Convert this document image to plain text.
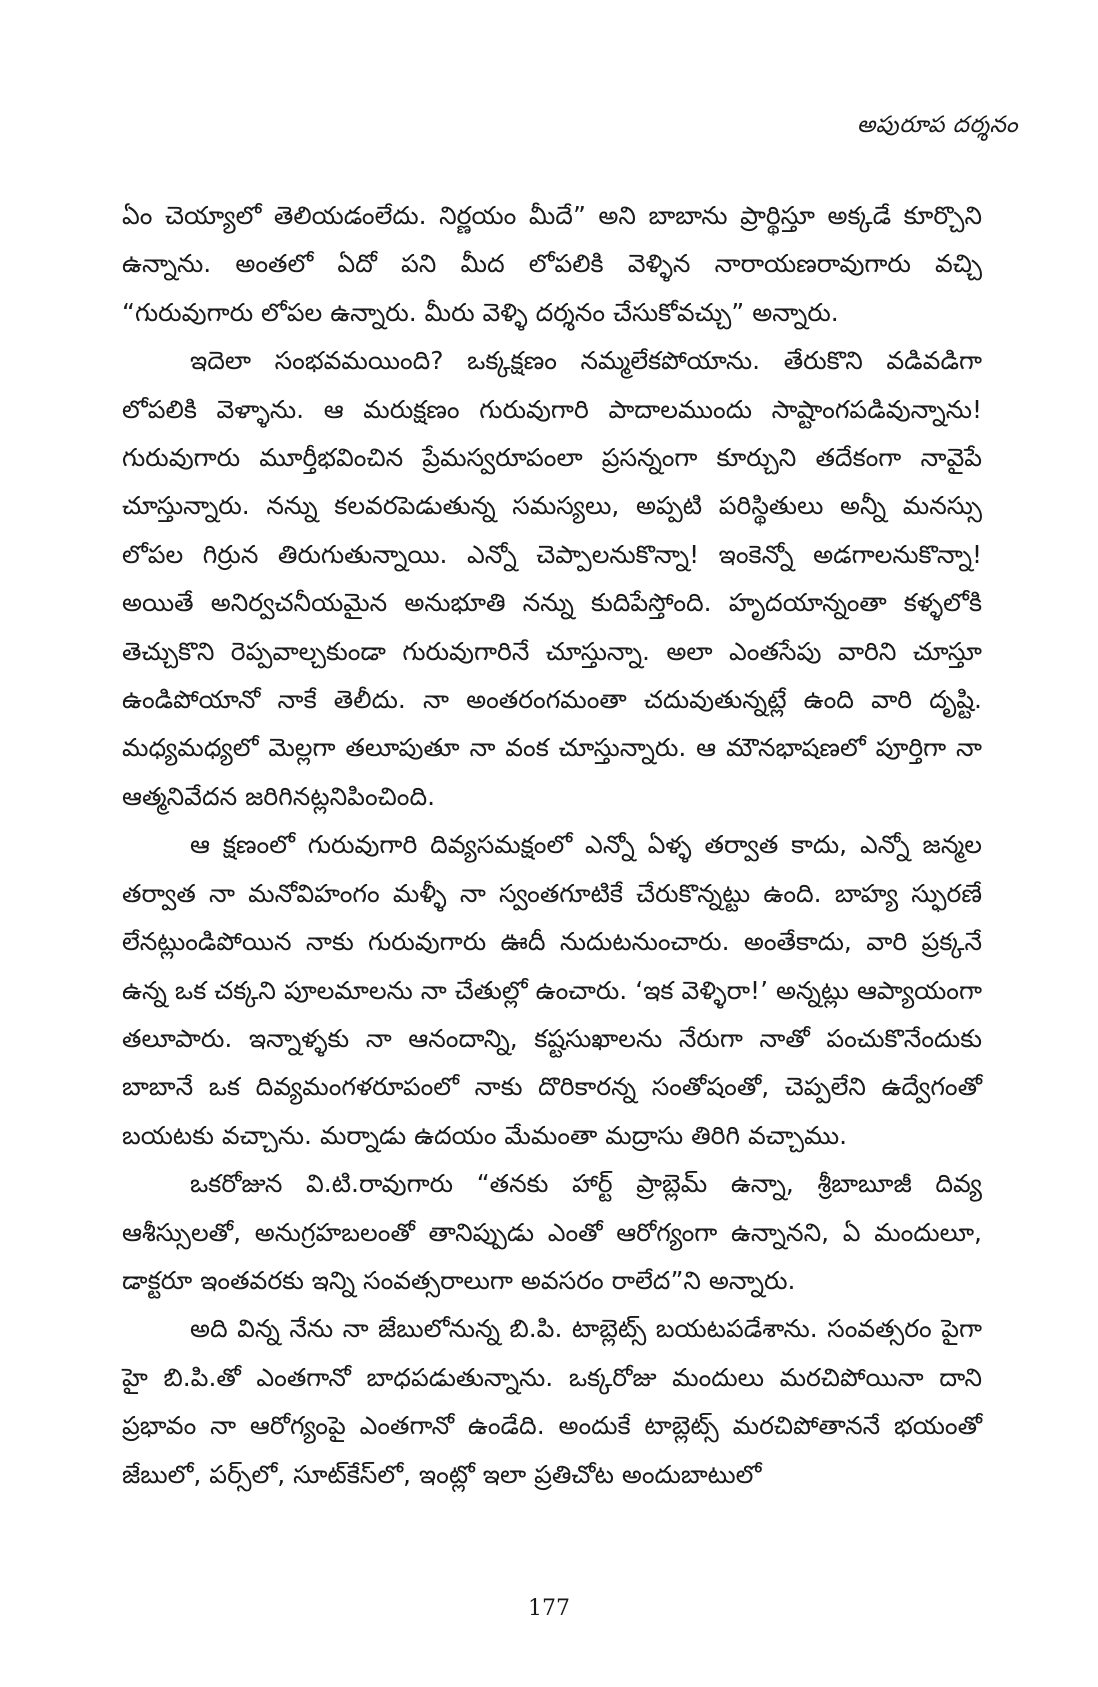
అపురూప దర్శనం

ఏం చెయ్యాలో తెలియడంలేదు. నిర్ణయం మీదే” అని బాబాను ప్రార్థిస్తూ అక్కడే కూర్చొని ఉన్నాను. అంతలో ఏదో పని మీద లోపలికి వెళ్ళిన నారాయణరావుగారు వచ్చి “గురువుగారు లోపల ఉన్నారు. మీరు వెళ్ళి దర్శనం చేసుకోవచ్చు” అన్నారు.

ఇదెలా సంభవమయింది? ఒక్కక్షణం నమ్మలేకపోయాను. తేరుకొని వడివడిగా లోపలికి వెళ్ళాను. ఆ మరుక్షణం గురువుగారి పాదాలముందు సాష్టాంగపడివున్నాను! గురువుగారు మూర్తీభవించిన ప్రేమస్వరూపంలా ప్రసన్నంగా కూర్చుని తదేకంగా నావైపే చూస్తున్నారు. నన్ను కలవరపెడుతున్న సమస్యలు, అప్పటి పరిస్థితులు అన్నీ మనస్సు లోపల గిర్రున తిరుగుతున్నాయి. ఎన్నో చెప్పాలనుకొన్నా! ఇంకెన్నో అడగాలనుకొన్నా! అయితే అనిర్వచనీయమైన అనుభూతి నన్ను కుదిపేస్తోంది. హృదయాన్నంతా కళ్ళలోకి తెచ్చుకొని రెప్పవాల్చకుండా గురువుగారినే చూస్తున్నా. అలా ఎంతసేపు వారిని చూస్తూ ఉండిపోయానో నాకే తెలీదు. నా అంతరంగమంతా చదువుతున్నట్లే ఉంది వారి దృష్టి. మధ్యమధ్యలో మెల్లగా తలూపుతూ నా వంక చూస్తున్నారు. ఆ మౌనభాషణలో పూర్తిగా నా ఆత్మనివేదన జరిగినట్లనిపించింది.

ఆ క్షణంలో గురువుగారి దివ్యసమక్షంలో ఎన్నో ఏళ్ళ తర్వాత కాదు, ఎన్నో జన్మల తర్వాత నా మనోవిహంగం మళ్ళీ నా స్వంతగూటికే చేరుకొన్నట్టు ఉంది. బాహ్య స్ఫురణే లేనట్లుండిపోయిన నాకు గురువుగారు ఊదీ నుదుటనుంచారు. అంతేకాదు, వారి ప్రక్కనే ఉన్న ఒక చక్కని పూలమాలను నా చేతుల్లో ఉంచారు. ‘ఇక వెళ్ళిరా!’ అన్నట్లు ఆప్యాయంగా తలూపారు. ఇన్నాళ్ళకు నా ఆనందాన్ని, కష్టసుఖాలను నేరుగా నాతో పంచుకొనేందుకు బాబానే ఒక దివ్యమంగళరూపంలో నాకు దొరికారన్న సంతోషంతో, చెప్పలేని ఉద్వేగంతో బయటకు వచ్చాను. మర్నాడు ఉదయం మేమంతా మద్రాసు తిరిగి వచ్చాము.

ఒకరోజున వి.టి.రావుగారు “తనకు హార్ట్ ప్రాబ్లెమ్ ఉన్నా, శ్రీబాబూజీ దివ్య ఆశీస్సులతో, అనుగ్రహబలంతో తానిప్పుడు ఎంతో ఆరోగ్యంగా ఉన్నానని, ఏ మందులూ, డాక్టరూ ఇంతవరకు ఇన్ని సంవత్సరాలుగా అవసరం రాలేద”ని అన్నారు.

అది విన్న నేను నా జేబులోనున్న బి.పి. టాబ్లెట్స్ బయటపడేశాను. సంవత్సరం పైగా హై బి.పి.తో ఎంతగానో బాధపడుతున్నాను. ఒక్కరోజు మందులు మరచిపోయినా దాని ప్రభావం నా ఆరోగ్యంపై ఎంతగానో ఉండేది. అందుకే టాబ్లెట్స్ మరచిపోతాననే భయంతో జేబులో, పర్స్‌లో, సూట్‌కేస్‌లో, ఇంట్లో ఇలా ప్రతిచోట అందుబాటులో

177
